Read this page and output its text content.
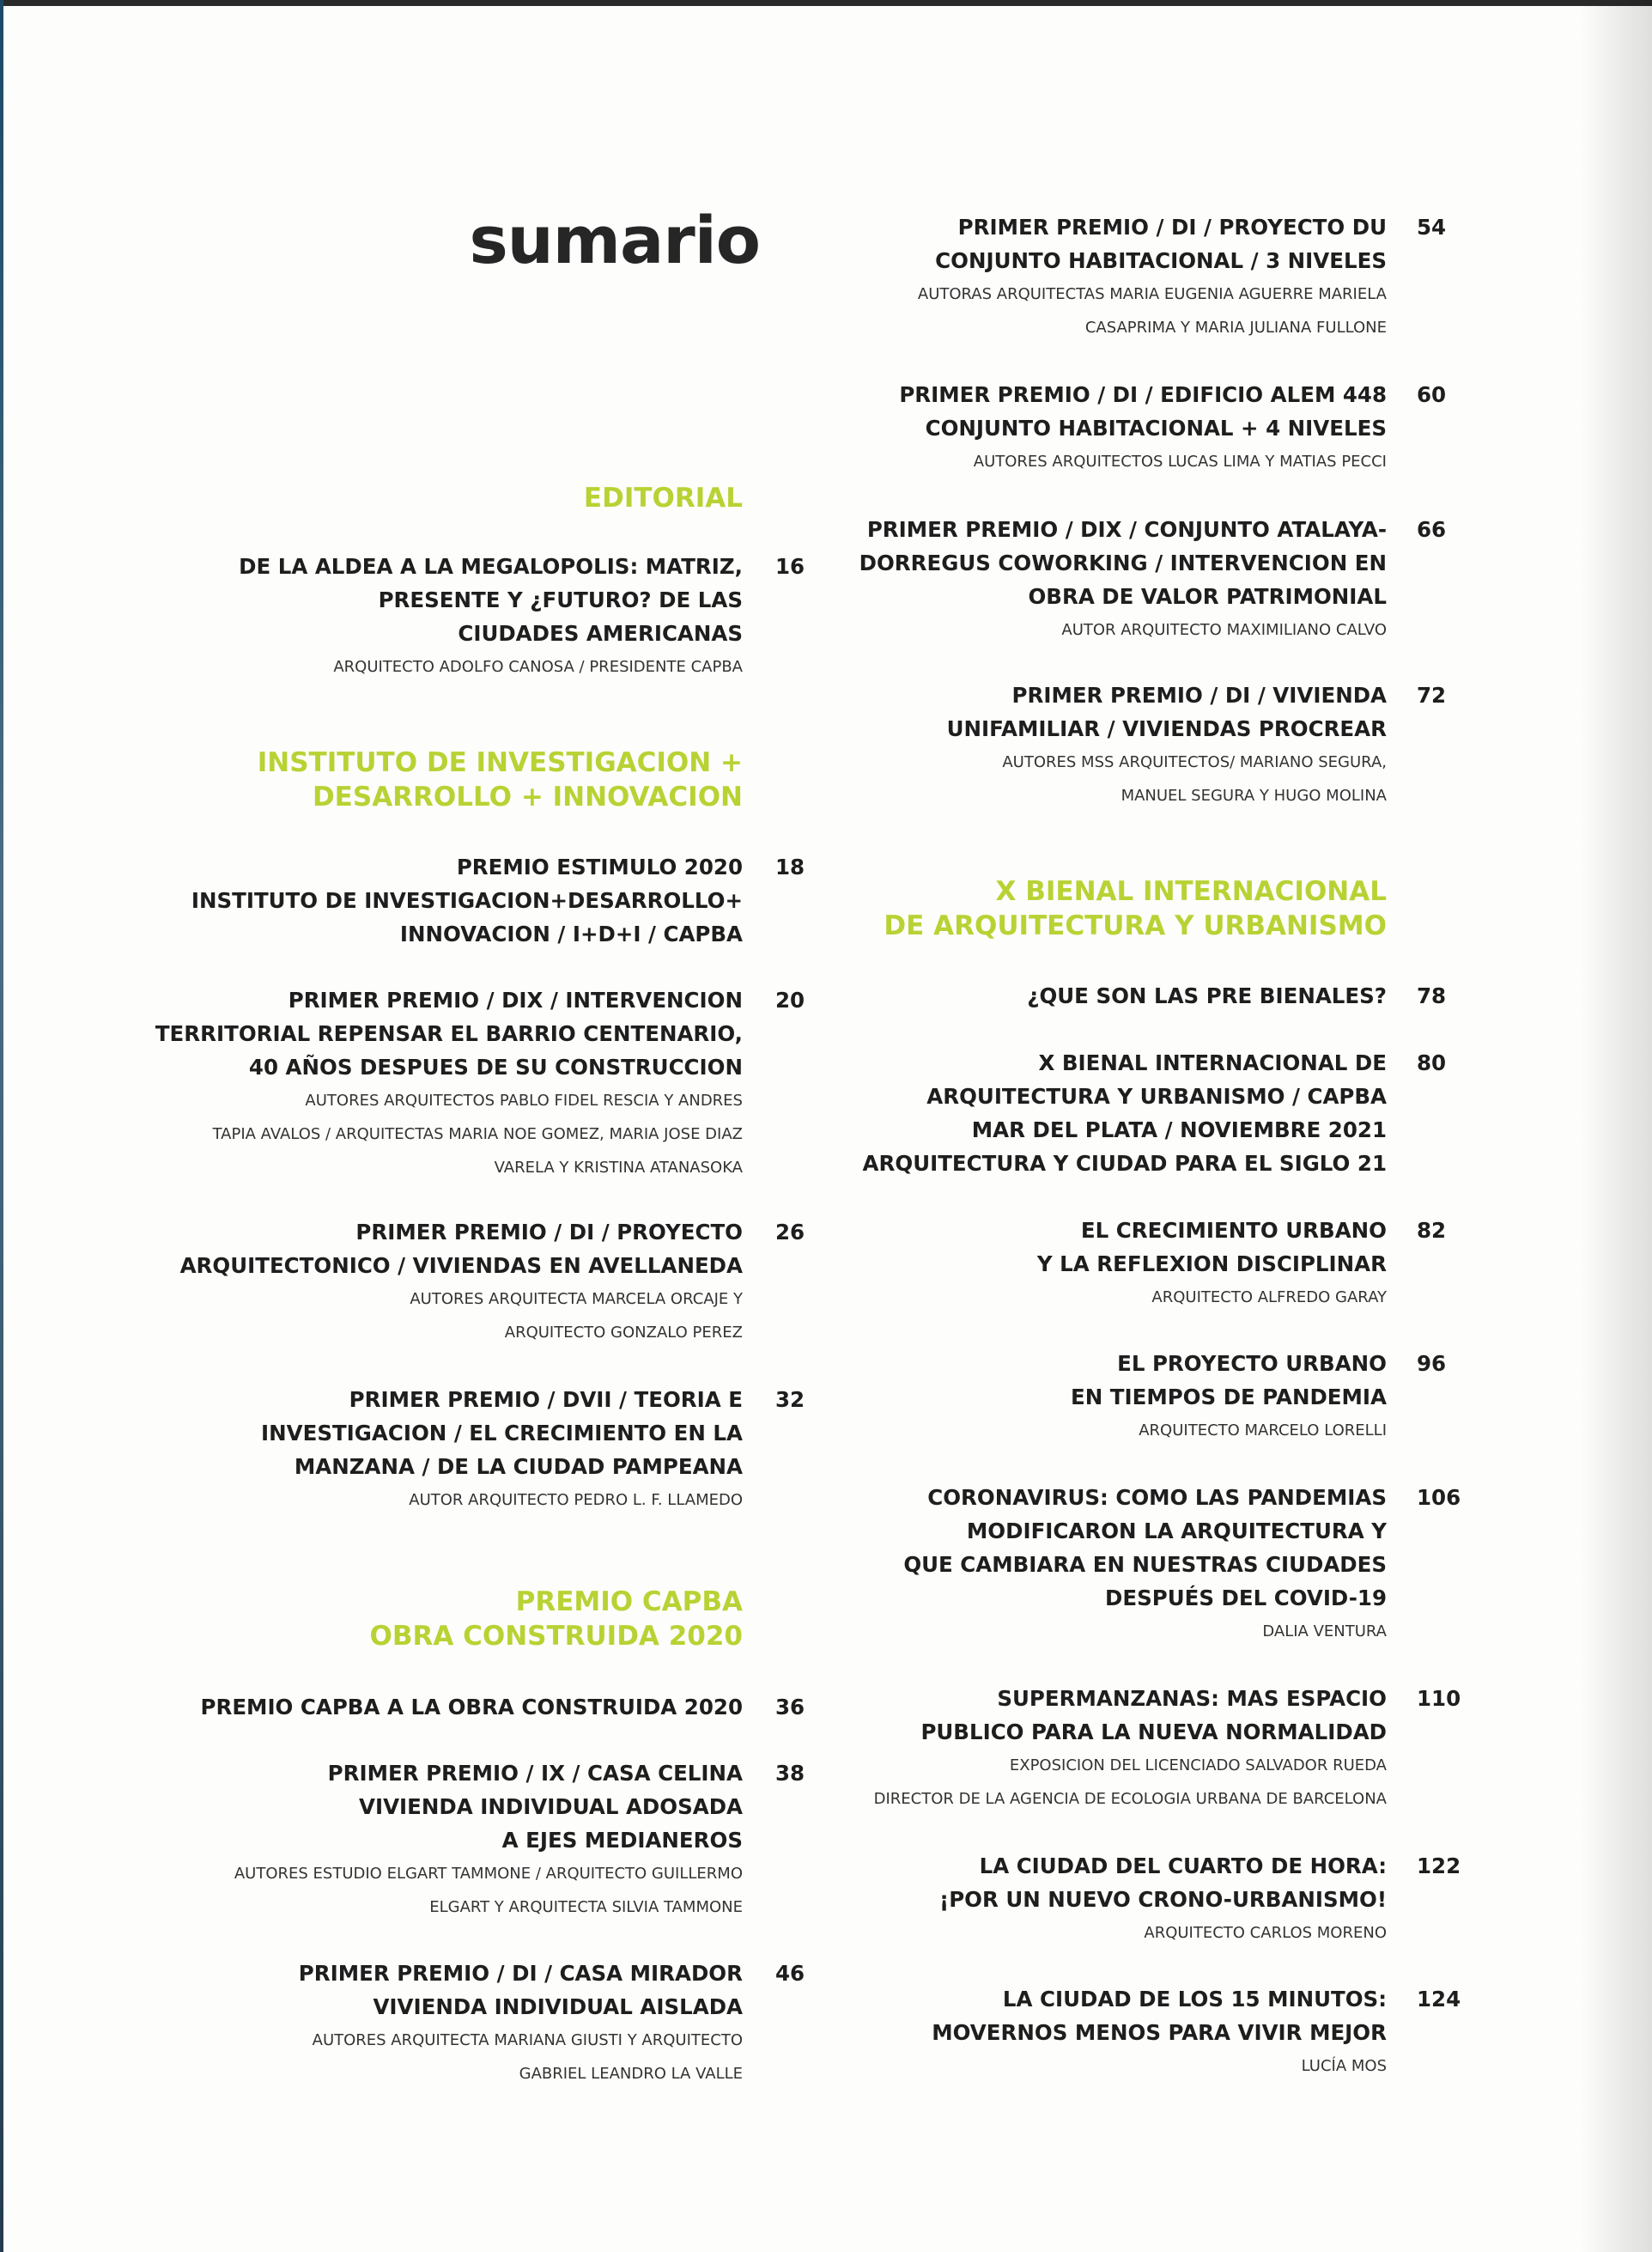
sumario
EDITORIAL
DE LA ALDEA A LA MEGALOPOLIS: MATRIZ,
PRESENTE Y ¿FUTURO? DE LAS
CIUDADES AMERICANAS
ARQUITECTO ADOLFO CANOSA / PRESIDENTE CAPBA
16
INSTITUTO DE INVESTIGACION +
DESARROLLO + INNOVACION
PREMIO ESTIMULO 2020
INSTITUTO DE INVESTIGACION+DESARROLLO+
INNOVACION / I+D+I / CAPBA
18
PRIMER PREMIO / DIX / INTERVENCION
TERRITORIAL REPENSAR EL BARRIO CENTENARIO,
40 AÑOS DESPUES DE SU CONSTRUCCION
AUTORES ARQUITECTOS PABLO FIDEL RESCIA Y ANDRES
TAPIA AVALOS / ARQUITECTAS MARIA NOE GOMEZ, MARIA JOSE DIAZ
VARELA Y KRISTINA ATANASOKA
20
PRIMER PREMIO / DI / PROYECTO
ARQUITECTONICO / VIVIENDAS EN AVELLANEDA
AUTORES ARQUITECTA MARCELA ORCAJE Y
ARQUITECTO GONZALO PEREZ
26
PRIMER PREMIO / DVII / TEORIA E
INVESTIGACION / EL CRECIMIENTO EN LA
MANZANA / DE LA CIUDAD PAMPEANA
AUTOR ARQUITECTO PEDRO L. F. LLAMEDO
32
PREMIO CAPBA
OBRA CONSTRUIDA 2020
PREMIO CAPBA A LA OBRA CONSTRUIDA 2020 36
PRIMER PREMIO / IX / CASA CELINA
VIVIENDA INDIVIDUAL ADOSADA
A EJES MEDIANEROS
AUTORES ESTUDIO ELGART TAMMONE / ARQUITECTO GUILLERMO
ELGART Y ARQUITECTA SILVIA TAMMONE
38
PRIMER PREMIO / DI / CASA MIRADOR
VIVIENDA INDIVIDUAL AISLADA
AUTORES ARQUITECTA MARIANA GIUSTI Y ARQUITECTO
GABRIEL LEANDRO LA VALLE
46
PRIMER PREMIO / DI / PROYECTO DU
CONJUNTO HABITACIONAL / 3 NIVELES
AUTORAS ARQUITECTAS MARIA EUGENIA AGUERRE MARIELA
CASAPRIMA Y MARIA JULIANA FULLONE
54
PRIMER PREMIO / DI / EDIFICIO ALEM 448
CONJUNTO HABITACIONAL + 4 NIVELES
AUTORES ARQUITECTOS LUCAS LIMA Y MATIAS PECCI
60
PRIMER PREMIO / DIX / CONJUNTO ATALAYA-
DORREGUS COWORKING / INTERVENCION EN
OBRA DE VALOR PATRIMONIAL
AUTOR ARQUITECTO MAXIMILIANO CALVO
66
PRIMER PREMIO / DI / VIVIENDA
UNIFAMILIAR / VIVIENDAS PROCREAR
AUTORES MSS ARQUITECTOS/ MARIANO SEGURA,
MANUEL SEGURA Y HUGO MOLINA
72
X BIENAL INTERNACIONAL
DE ARQUITECTURA Y URBANISMO
¿QUE SON LAS PRE BIENALES? 78
X BIENAL INTERNACIONAL DE
ARQUITECTURA Y URBANISMO / CAPBA
MAR DEL PLATA / NOVIEMBRE 2021
ARQUITECTURA Y CIUDAD PARA EL SIGLO 21
80
EL CRECIMIENTO URBANO
Y LA REFLEXION DISCIPLINAR
ARQUITECTO ALFREDO GARAY
82
EL PROYECTO URBANO
EN TIEMPOS DE PANDEMIA
ARQUITECTO MARCELO LORELLI
96
CORONAVIRUS: COMO LAS PANDEMIAS
MODIFICARON LA ARQUITECTURA Y
QUE CAMBIARA EN NUESTRAS CIUDADES
DESPUÉS DEL COVID-19
DALIA VENTURA
106
SUPERMANZANAS: MAS ESPACIO
PUBLICO PARA LA NUEVA NORMALIDAD
EXPOSICION DEL LICENCIADO SALVADOR RUEDA
DIRECTOR DE LA AGENCIA DE ECOLOGIA URBANA DE BARCELONA
110
LA CIUDAD DEL CUARTO DE HORA:
¡POR UN NUEVO CRONO-URBANISMO!
ARQUITECTO CARLOS MORENO
122
LA CIUDAD DE LOS 15 MINUTOS:
MOVERNOS MENOS PARA VIVIR MEJOR
LUCÍA MOS
124
